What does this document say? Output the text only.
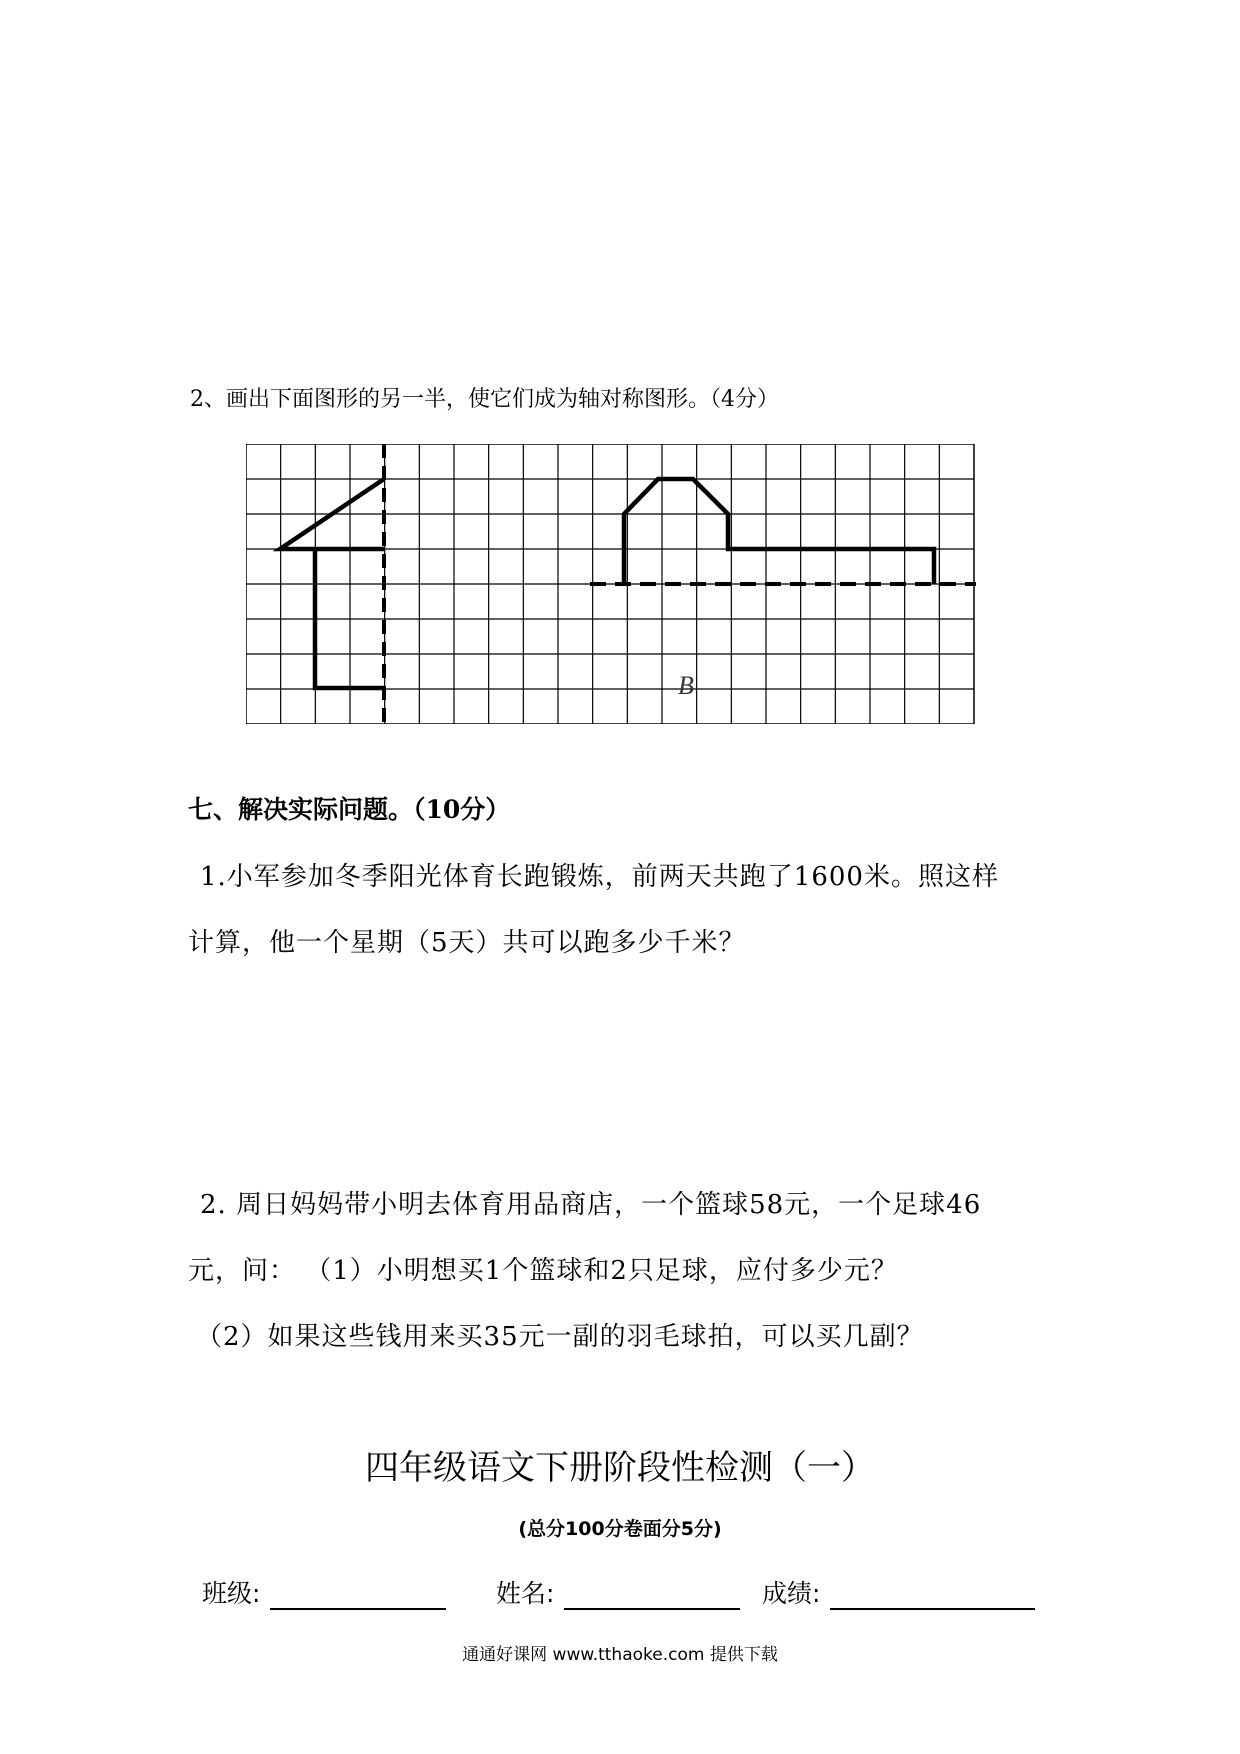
2、画出下面图形的另一半，使它们成为轴对称图形。（4分）
B
七、解决实际问题。（10分）
1.小军参加冬季阳光体育长跑锻炼，前两天共跑了1600米。照这样
计算，他一个星期（5天）共可以跑多少千米？
2. 周日妈妈带小明去体育用品商店，一个篮球58元，一个足球46
元，问： （1）小明想买1个篮球和2只足球，应付多少元？
（2）如果这些钱用来买35元一副的羽毛球拍，可以买几副？
四年级语文下册阶段性检测（一）
(总分100分卷面分5分)
班级:	姓名:	成绩:
通通好课网 www.tthaoke.com 提供下载
